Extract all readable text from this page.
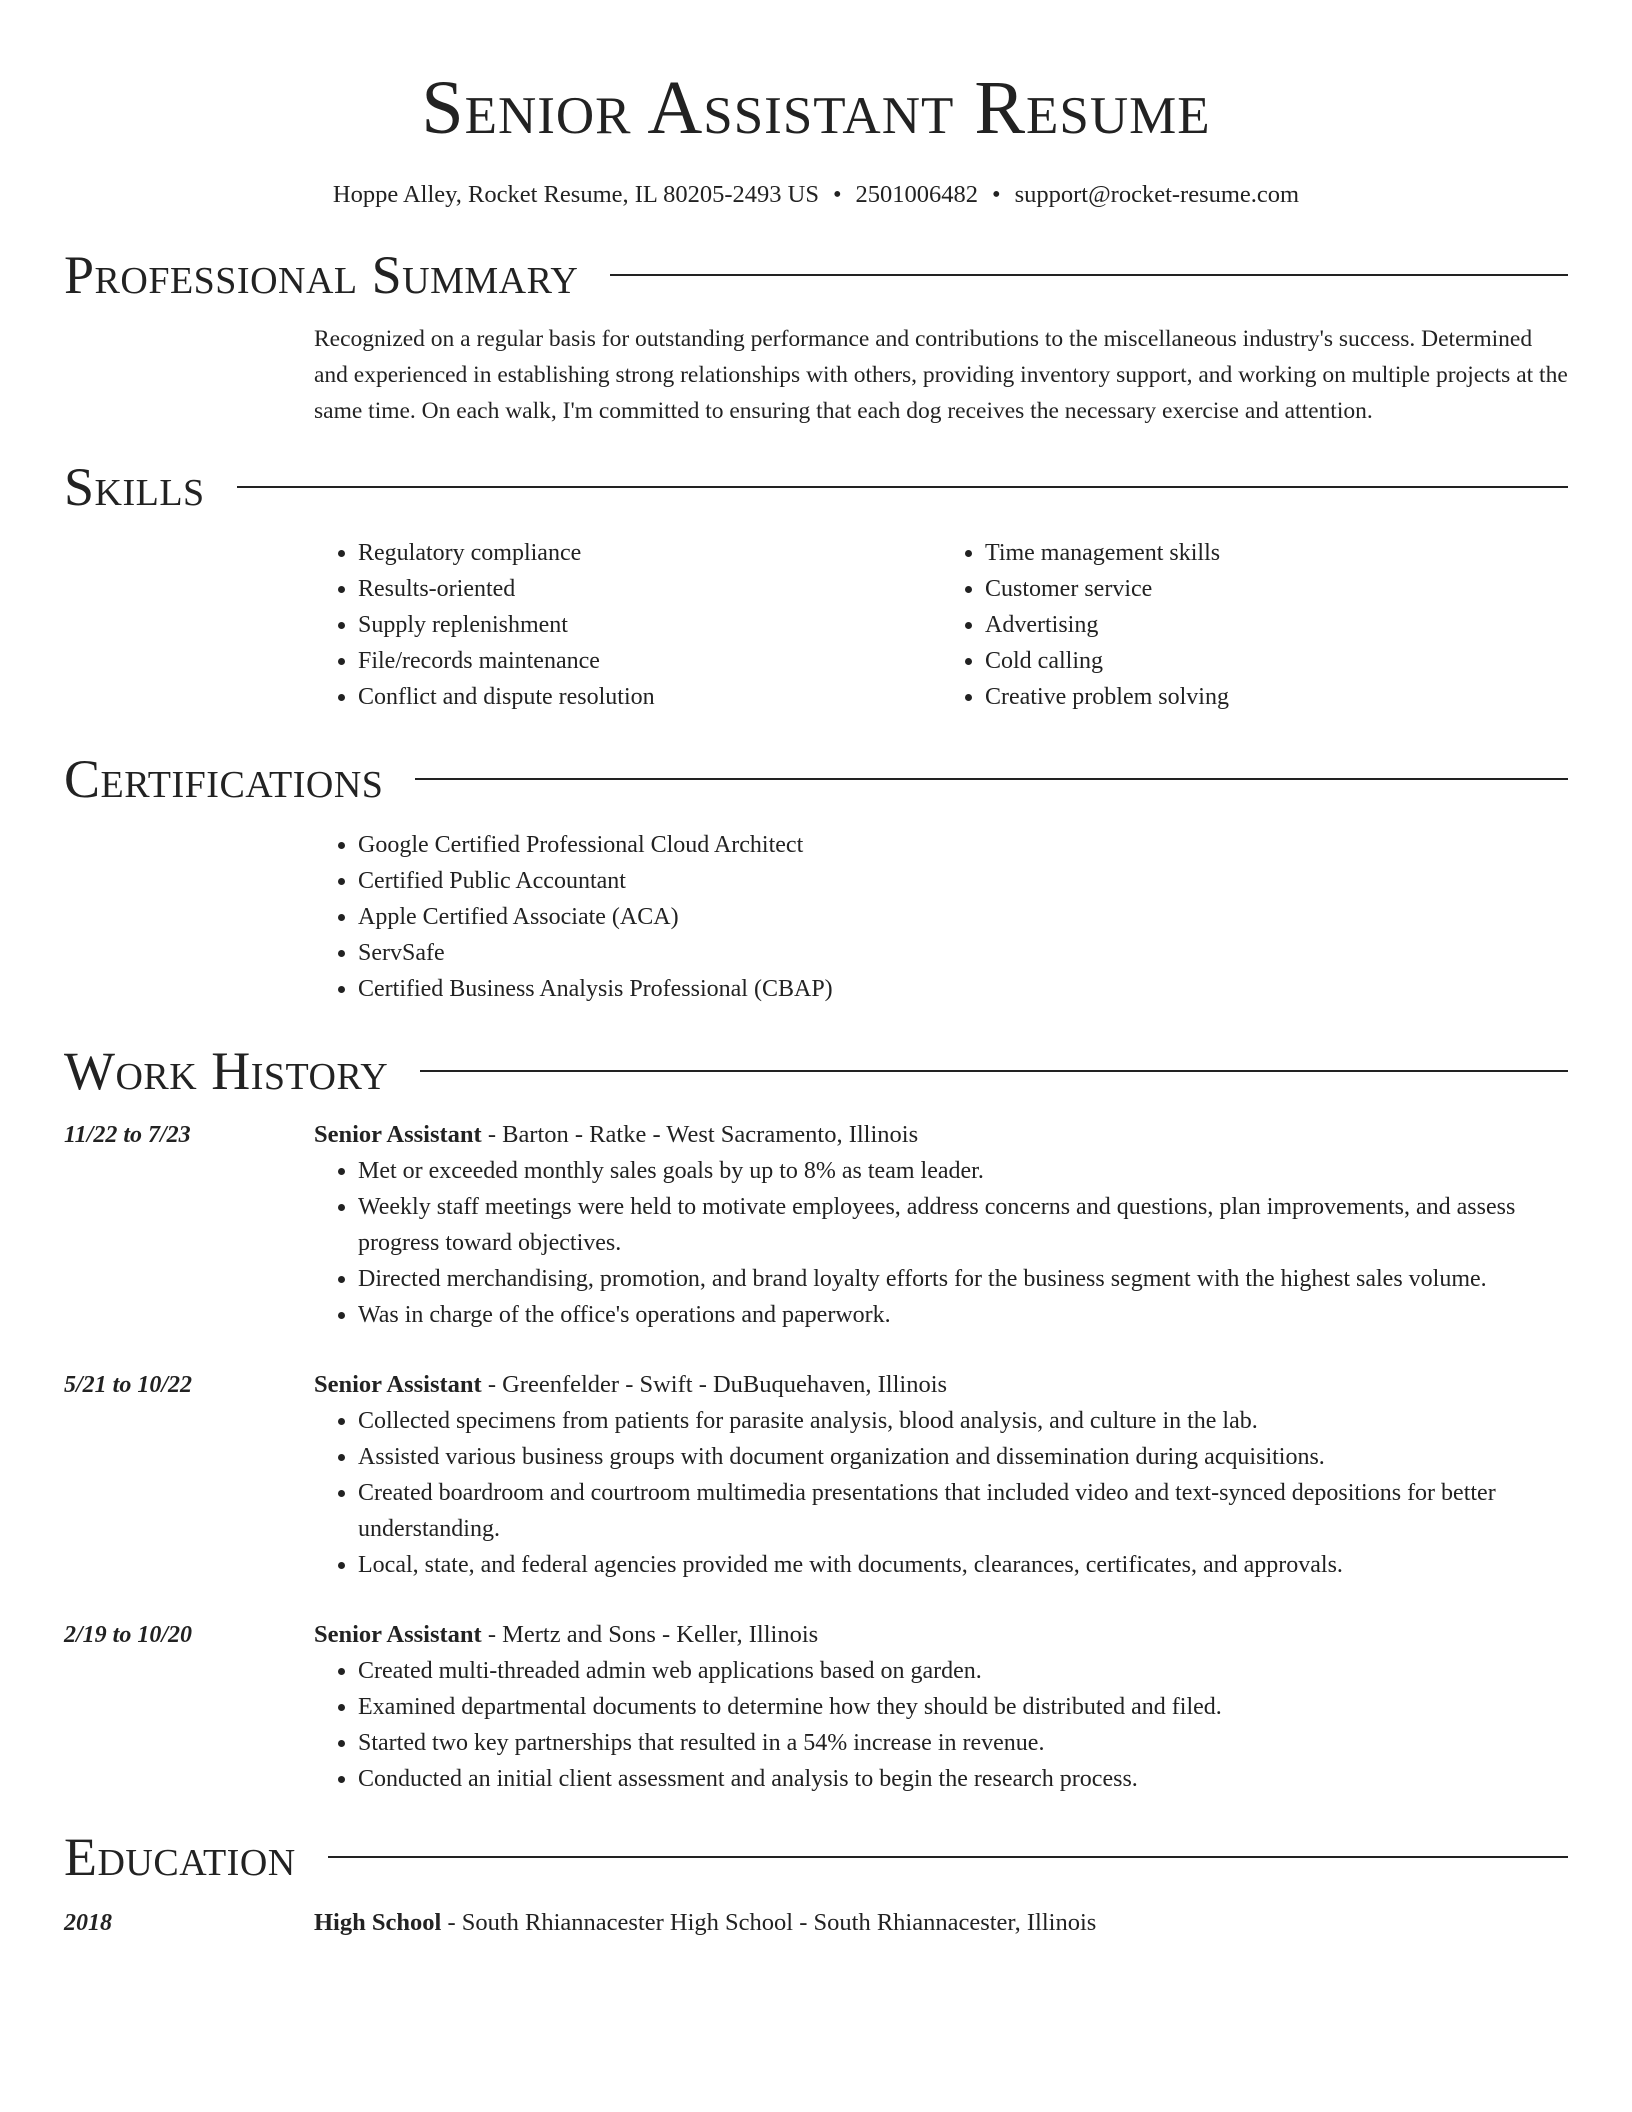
Senior Assistant Resume
Hoppe Alley, Rocket Resume, IL 80205-2493 US • 2501006482 • support@rocket-resume.com
Professional Summary

Recognized on a regular basis for outstanding performance and contributions to the miscellaneous industry's success. Determined and experienced in establishing strong relationships with others, providing inventory support, and working on multiple projects at the same time. On each walk, I'm committed to ensuring that each dog receives the necessary exercise and attention.

Skills
• Regulatory compliance
• Results-oriented
• Supply replenishment
• File/records maintenance
• Conflict and dispute resolution
• Time management skills
• Customer service
• Advertising
• Cold calling
• Creative problem solving
Certifications
• Google Certified Professional Cloud Architect
• Certified Public Accountant
• Apple Certified Associate (ACA)
• ServSafe
• Certified Business Analysis Professional (CBAP)
Work History
11/22 to 7/23	Senior Assistant - Barton - Ratke - West Sacramento, Illinois
• Met or exceeded monthly sales goals by up to 8% as team leader.
• Weekly staff meetings were held to motivate employees, address concerns and questions, plan improvements, and assess progress toward objectives.
• Directed merchandising, promotion, and brand loyalty efforts for the business segment with the highest sales volume.
• Was in charge of the office's operations and paperwork.
5/21 to 10/22	Senior Assistant - Greenfelder - Swift - DuBuquehaven, Illinois
• Collected specimens from patients for parasite analysis, blood analysis, and culture in the lab.
• Assisted various business groups with document organization and dissemination during acquisitions.
• Created boardroom and courtroom multimedia presentations that included video and text-synced depositions for better understanding.
• Local, state, and federal agencies provided me with documents, clearances, certificates, and approvals.
2/19 to 10/20	Senior Assistant - Mertz and Sons - Keller, Illinois
• Created multi-threaded admin web applications based on garden.
• Examined departmental documents to determine how they should be distributed and filed.
• Started two key partnerships that resulted in a 54% increase in revenue.
• Conducted an initial client assessment and analysis to begin the research process.
Education
2018	High School - South Rhiannacester High School - South Rhiannacester, Illinois
